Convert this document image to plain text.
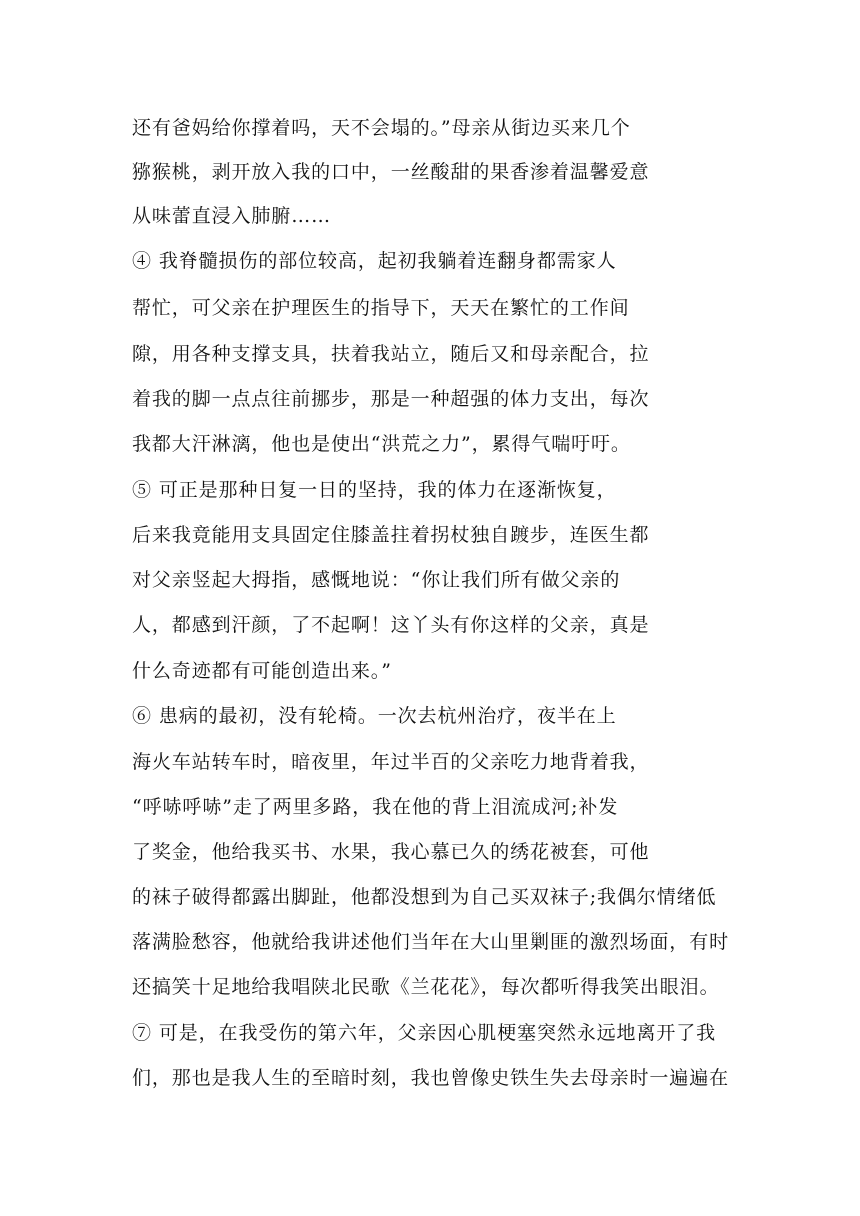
还有爸妈给你撑着吗，天不会塌的。”母亲从街边买来几个
猕猴桃，剥开放入我的口中，一丝酸甜的果香渗着温馨爱意
从味蕾直浸入肺腑……
④ 我脊髓损伤的部位较高，起初我躺着连翻身都需家人
帮忙，可父亲在护理医生的指导下，天天在繁忙的工作间
隙，用各种支撑支具，扶着我站立，随后又和母亲配合，拉
着我的脚一点点往前挪步，那是一种超强的体力支出，每次
我都大汗淋漓，他也是使出“洪荒之力”，累得气喘吁吁。
⑤ 可正是那种日复一日的坚持，我的体力在逐渐恢复，
后来我竟能用支具固定住膝盖拄着拐杖独自踱步，连医生都
对父亲竖起大拇指，感慨地说：“你让我们所有做父亲的
人，都感到汗颜，了不起啊！这丫头有你这样的父亲，真是
什么奇迹都有可能创造出来。”
⑥ 患病的最初，没有轮椅。一次去杭州治疗，夜半在上
海火车站转车时，暗夜里，年过半百的父亲吃力地背着我，
“呼哧呼哧”走了两里多路，我在他的背上泪流成河;补发
了奖金，他给我买书、水果，我心慕已久的绣花被套，可他
的袜子破得都露出脚趾，他都没想到为自己买双袜子;我偶尔情绪低
落满脸愁容，他就给我讲述他们当年在大山里剿匪的激烈场面，有时
还搞笑十足地给我唱陕北民歌《兰花花》，每次都听得我笑出眼泪。
⑦ 可是，在我受伤的第六年，父亲因心肌梗塞突然永远地离开了我
们，那也是我人生的至暗时刻，我也曾像史铁生失去母亲时一遍遍在
